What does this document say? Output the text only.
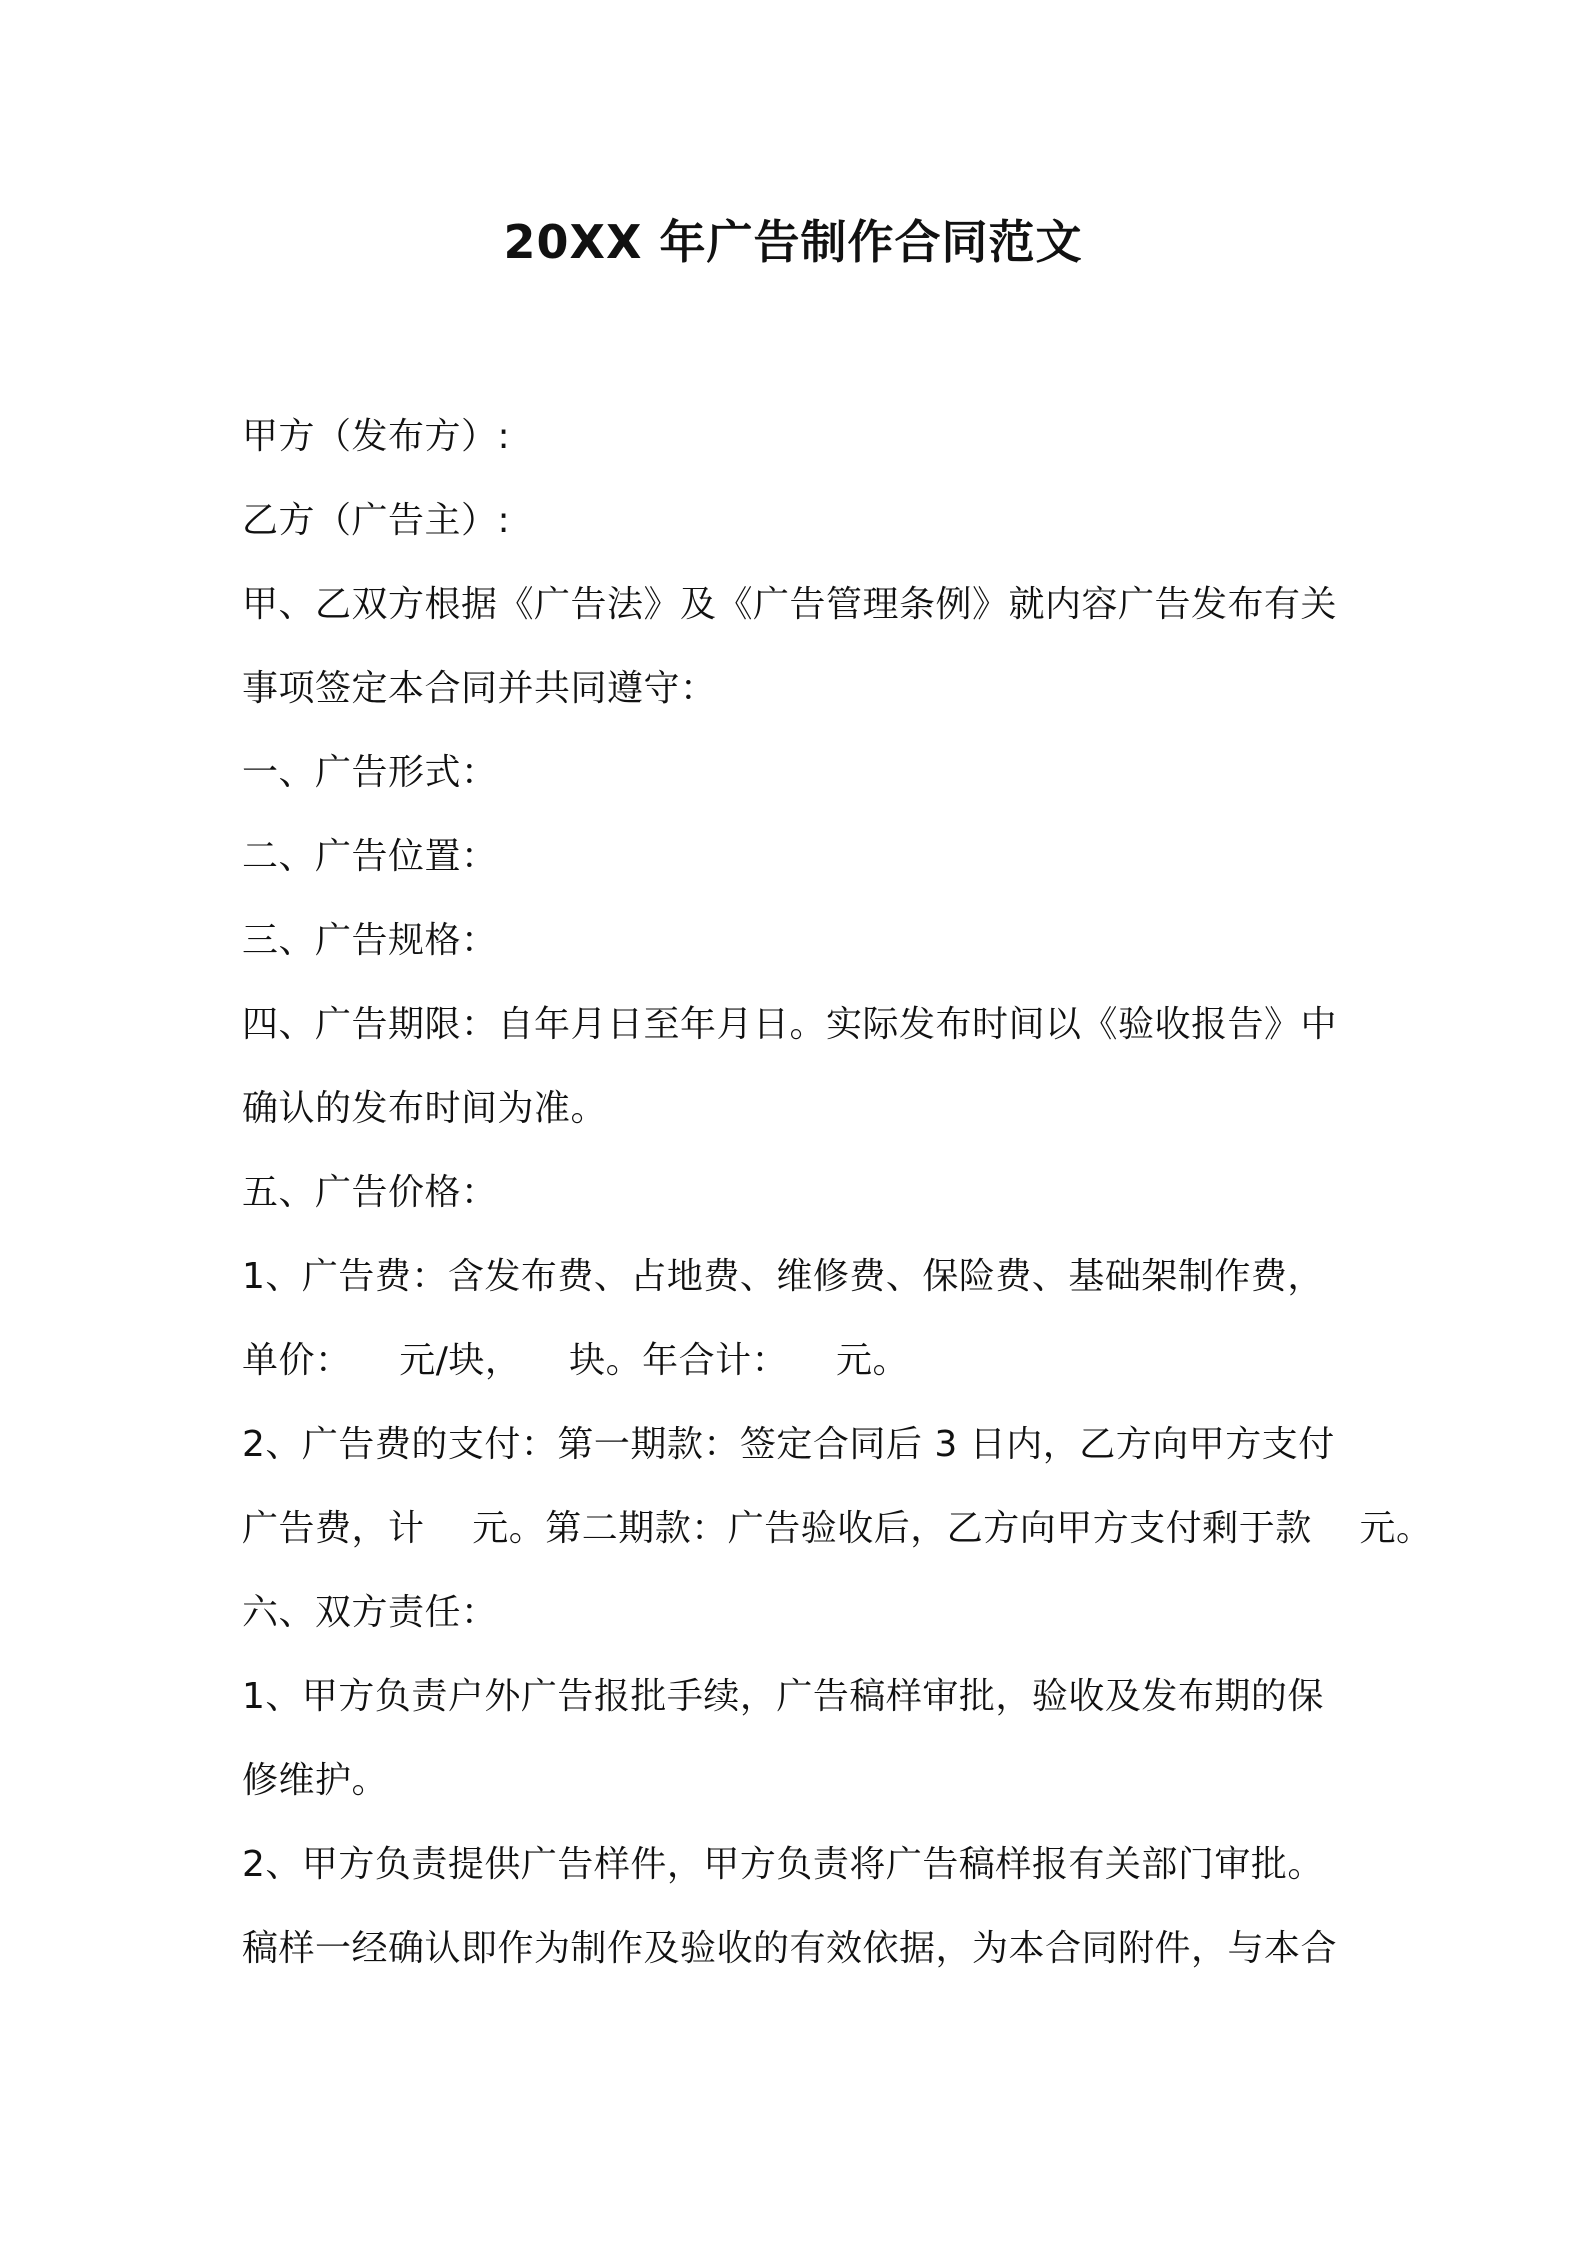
20XX 年广告制作合同范文
甲方（发布方）:
乙方（广告主）:
甲、乙双方根据《广告法》及《广告管理条例》就内容广告发布有关
事项签定本合同并共同遵守：
一、广告形式：
二、广告位置：
三、广告规格：
四、广告期限：自年月日至年月日。实际发布时间以《验收报告》中
确认的发布时间为准。
五、广告价格：
1、广告费：含发布费、占地费、维修费、保险费、基础架制作费，
单价：    元/块，    块。年合计：    元。
2、广告费的支付：第一期款：签定合同后 3 日内，乙方向甲方支付
广告费，计    元。第二期款：广告验收后，乙方向甲方支付剩于款    元。
六、双方责任：
1、甲方负责户外广告报批手续，广告稿样审批，验收及发布期的保
修维护。
2、甲方负责提供广告样件，甲方负责将广告稿样报有关部门审批。
稿样一经确认即作为制作及验收的有效依据，为本合同附件，与本合
